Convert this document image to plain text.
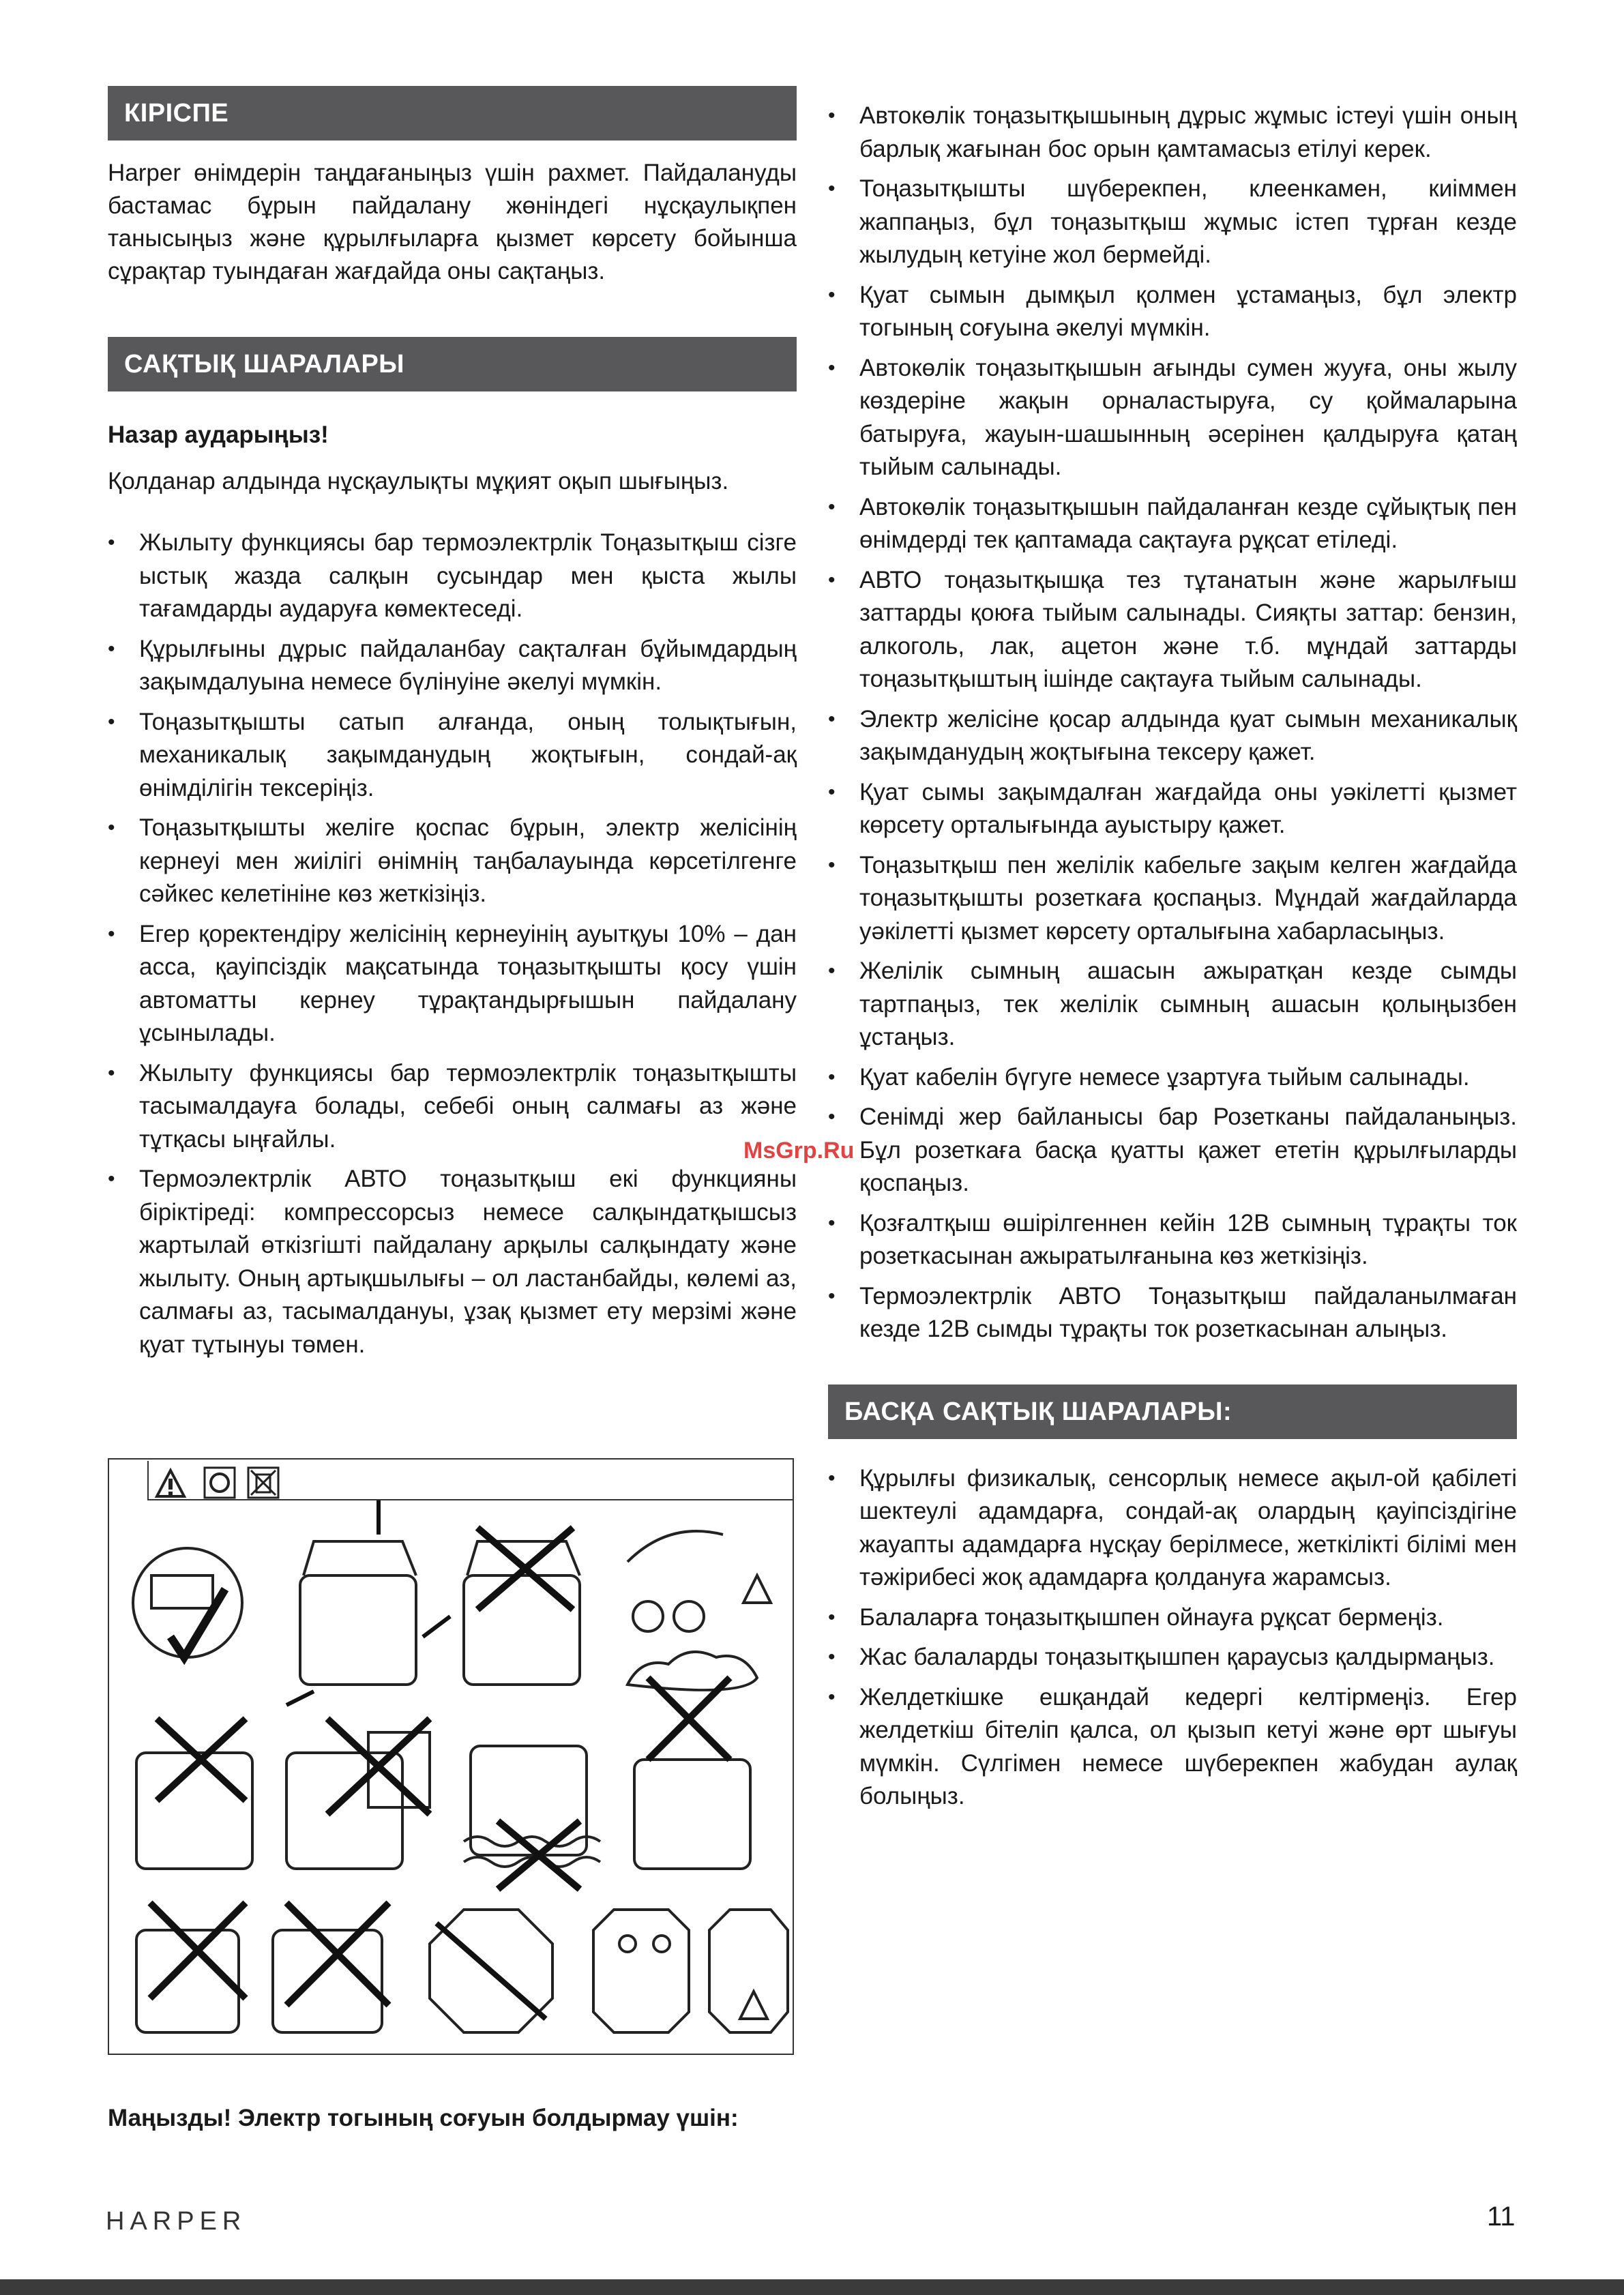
КІРІСПЕ

Harper өнімдерін таңдағаныңыз үшін рахмет. Пайдалануды бастамас бұрын пайдалану жөніндегі нұсқаулықпен танысыңыз және құрылғыларға қызмет көрсету бойынша сұрақтар туындаған жағдайда оны сақтаңыз.

САҚТЫҚ ШАРАЛАРЫ

Назар аударыңыз!

Қолданар алдында нұсқаулықты мұқият оқып шығыңыз.

• Жылыту функциясы бар термоэлектрлік Тоңазытқыш сізге ыстық жазда салқын сусындар мен қыста жылы тағамдарды аударуға көмектеседі.
• Құрылғыны дұрыс пайдаланбау сақталған бұйымдардың зақымдалуына немесе бүлінуіне әкелуі мүмкін.
• Тоңазытқышты сатып алғанда, оның толықтығын, механикалық зақымданудың жоқтығын, сондай-ақ өнімділігін тексеріңіз.
• Тоңазытқышты желіге қоспас бұрын, электр желісінің кернеуі мен жиілігі өнімнің таңбалауында көрсетілгенге сәйкес келетініне көз жеткізіңіз.
• Егер қоректендіру желісінің кернеуінің ауытқуы 10% – дан асса, қауіпсіздік мақсатында тоңазытқышты қосу үшін автоматты кернеу тұрақтандырғышын пайдалану ұсынылады.
• Жылыту функциясы бар термоэлектрлік тоңазытқышты тасымалдауға болады, себебі оның салмағы аз және тұтқасы ыңғайлы.
• Термоэлектрлік АВТО тоңазытқыш екі функцияны біріктіреді: компрессорсыз немесе салқындатқышсыз жартылай өткізгішті пайдалану арқылы салқындату және жылыту. Оның артықшылығы – ол ластанбайды, көлемі аз, салмағы аз, тасымалдануы, ұзақ қызмет ету мерзімі және қуат тұтынуы төмен.
MsGrp.Ru
Маңызды! Электр тогының соғуын болдырмау үшін:
• Автокөлік тоңазытқышының дұрыс жұмыс істеуі үшін оның барлық жағынан бос орын қамтамасыз етілуі керек.
• Тоңазытқышты шүберекпен, клеенкамен, киіммен жаппаңыз, бұл тоңазытқыш жұмыс істеп тұрған кезде жылудың кетуіне жол бермейді.
• Қуат сымын дымқыл қолмен ұстамаңыз, бұл электр тогының соғуына әкелуі мүмкін.
• Автокөлік тоңазытқышын ағынды сумен жууға, оны жылу көздеріне жақын орналастыруға, су қоймаларына батыруға, жауын-шашынның әсерінен қалдыруға қатаң тыйым салынады.
• Автокөлік тоңазытқышын пайдаланған кезде сұйықтық пен өнімдерді тек қаптамада сақтауға рұқсат етіледі.
• АВТО тоңазытқышқа тез тұтанатын және жарылғыш заттарды қоюға тыйым салынады. Сияқты заттар: бензин, алкоголь, лак, ацетон және т.б. мұндай заттарды тоңазытқыштың ішінде сақтауға тыйым салынады.
• Электр желісіне қосар алдында қуат сымын механикалық зақымданудың жоқтығына тексеру қажет.
• Қуат сымы зақымдалған жағдайда оны уәкілетті қызмет көрсету орталығында ауыстыру қажет.
• Тоңазытқыш пен желілік кабельге зақым келген жағдайда тоңазытқышты розеткаға қоспаңыз. Мұндай жағдайларда уәкілетті қызмет көрсету орталығына хабарласыңыз.
• Желілік сымның ашасын ажыратқан кезде сымды тартпаңыз, тек желілік сымның ашасын қолыңызбен ұстаңыз.
• Қуат кабелін бүгуге немесе ұзартуға тыйым салынады.
• Сенімді жер байланысы бар Розетканы пайдаланыңыз. Бұл розеткаға басқа қуатты қажет ететін құрылғыларды қоспаңыз.
• Қозғалтқыш өшірілгеннен кейін 12В сымның тұрақты ток розеткасынан ажыратылғанына көз жеткізіңіз.
• Термоэлектрлік АВТО Тоңазытқыш пайдаланылмаған кезде 12В сымды тұрақты ток розеткасынан алыңыз.
БАСҚА САҚТЫҚ ШАРАЛАРЫ:
• Құрылғы физикалық, сенсорлық немесе ақыл-ой қабілеті шектеулі адамдарға, сондай-ақ олардың қауіпсіздігіне жауапты адамдарға нұсқау берілмесе, жеткілікті білімі мен тәжірибесі жоқ адамдарға қолдануға жарамсыз.
• Балаларға тоңазытқышпен ойнауға рұқсат бермеңіз.
• Жас балаларды тоңазытқышпен қараусыз қалдырмаңыз.
• Желдеткішке ешқандай кедергі келтірмеңіз. Егер желдеткіш бітеліп қалса, ол қызып кетуі және өрт шығуы мүмкін. Сүлгімен немесе шүберекпен жабудан аулақ болыңыз.
HARPER	11
